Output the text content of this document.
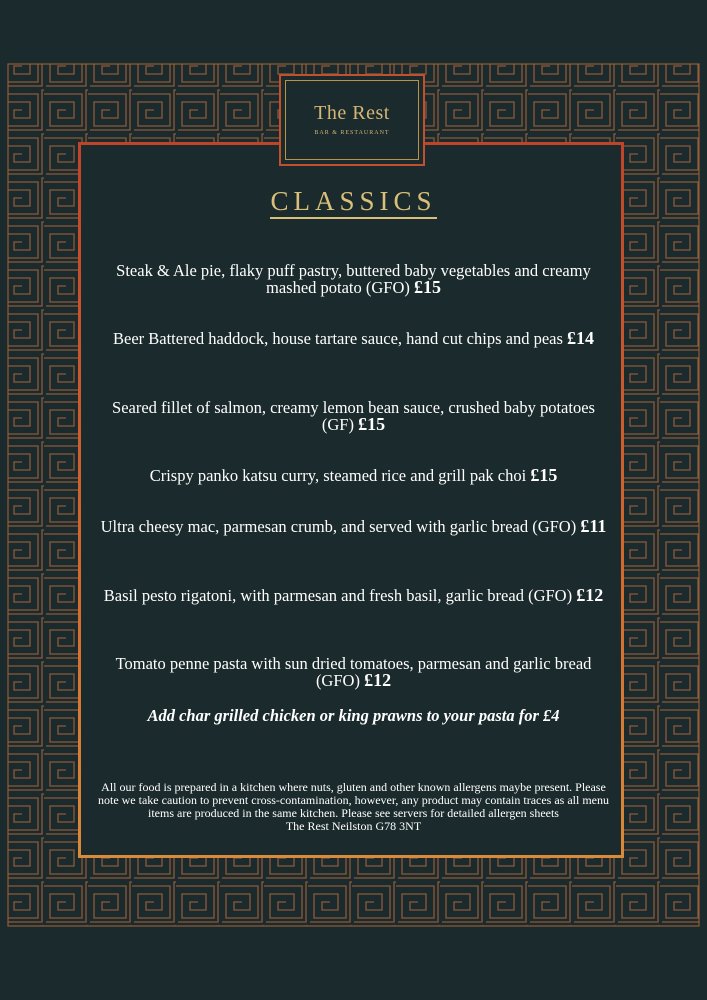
The Rest
BAR & RESTAURANT
CLASSICS
Steak & Ale pie, flaky puff pastry, buttered baby vegetables and creamy mashed potato (GFO) £15
Beer Battered haddock, house tartare sauce, hand cut chips and peas £14
Seared fillet of salmon, creamy lemon bean sauce, crushed baby potatoes (GF) £15
Crispy panko katsu curry, steamed rice and grill pak choi £15
Ultra cheesy mac, parmesan crumb, and served with garlic bread (GFO) £11
Basil pesto rigatoni, with parmesan and fresh basil, garlic bread (GFO) £12
Tomato penne pasta with sun dried tomatoes, parmesan and garlic bread (GFO) £12
Add char grilled chicken or king prawns to your pasta for £4
All our food is prepared in a kitchen where nuts, gluten and other known allergens maybe present. Please note we take caution to prevent cross-contamination, however, any product may contain traces as all menu items are produced in the same kitchen. Please see servers for detailed allergen sheets
The Rest Neilston G78 3NT
